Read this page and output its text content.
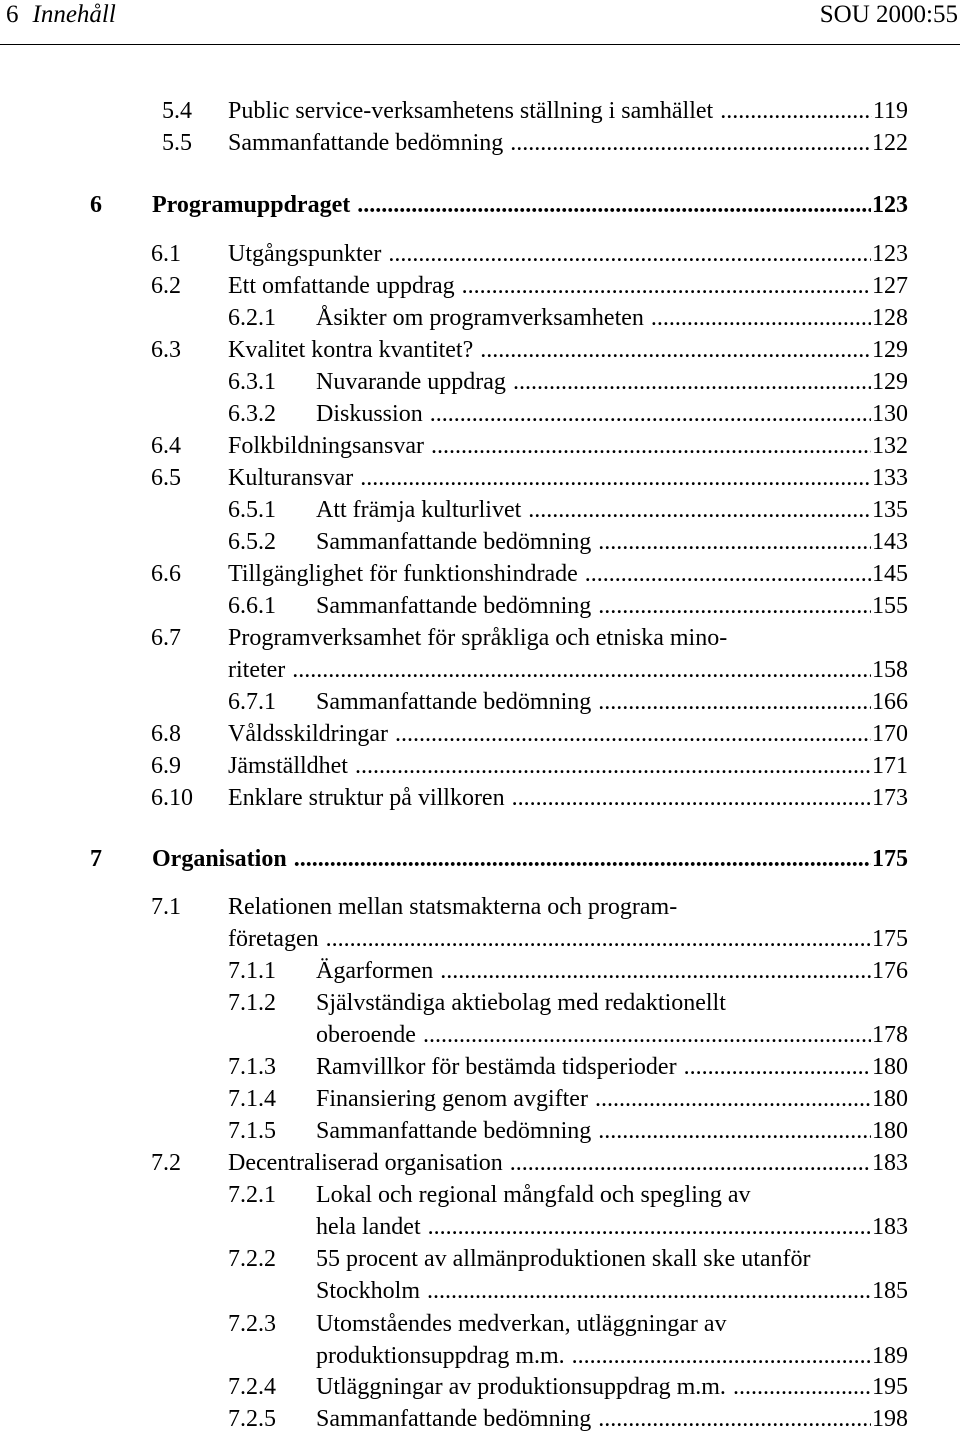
6 Innehåll	SOU 2000:55
5.4 Public service-verksamhetens ställning i samhället .....	119
5.5 Sammanfattande bedömning .....	122
6 Programuppdraget .....	123
6.1 Utgångspunkter .....	123
6.2 Ett omfattande uppdrag .....	127
6.2.1 Åsikter om programverksamheten .....	128
6.3 Kvalitet kontra kvantitet? .....	129
6.3.1 Nuvarande uppdrag .....	129
6.3.2 Diskussion .....	130
6.4 Folkbildningsansvar .....	132
6.5 Kulturansvar .....	133
6.5.1 Att främja kulturlivet .....	135
6.5.2 Sammanfattande bedömning .....	143
6.6 Tillgänglighet för funktionshindrade .....	145
6.6.1 Sammanfattande bedömning .....	155
6.7 Programverksamhet för språkliga och etniska mino-
riteter .....	158
6.7.1 Sammanfattande bedömning .....	166
6.8 Våldsskildringar .....	170
6.9 Jämställdhet .....	171
6.10 Enklare struktur på villkoren .....	173
7 Organisation .....	175
7.1 Relationen mellan statsmakterna och program-
företagen .....	175
7.1.1 Ägarformen .....	176
7.1.2 Självständiga aktiebolag med redaktionellt
oberoende .....	178
7.1.3 Ramvillkor för bestämda tidsperioder .....	180
7.1.4 Finansiering genom avgifter .....	180
7.1.5 Sammanfattande bedömning .....	180
7.2 Decentraliserad organisation .....	183
7.2.1 Lokal och regional mångfald och spegling av
hela landet .....	183
7.2.2 55 procent av allmänproduktionen skall ske utanför
Stockholm .....	185
7.2.3 Utomståendes medverkan, utläggningar av
produktionsuppdrag m.m. .....	189
7.2.4 Utläggningar av produktionsuppdrag m.m. .....	195
7.2.5 Sammanfattande bedömning .....	198
